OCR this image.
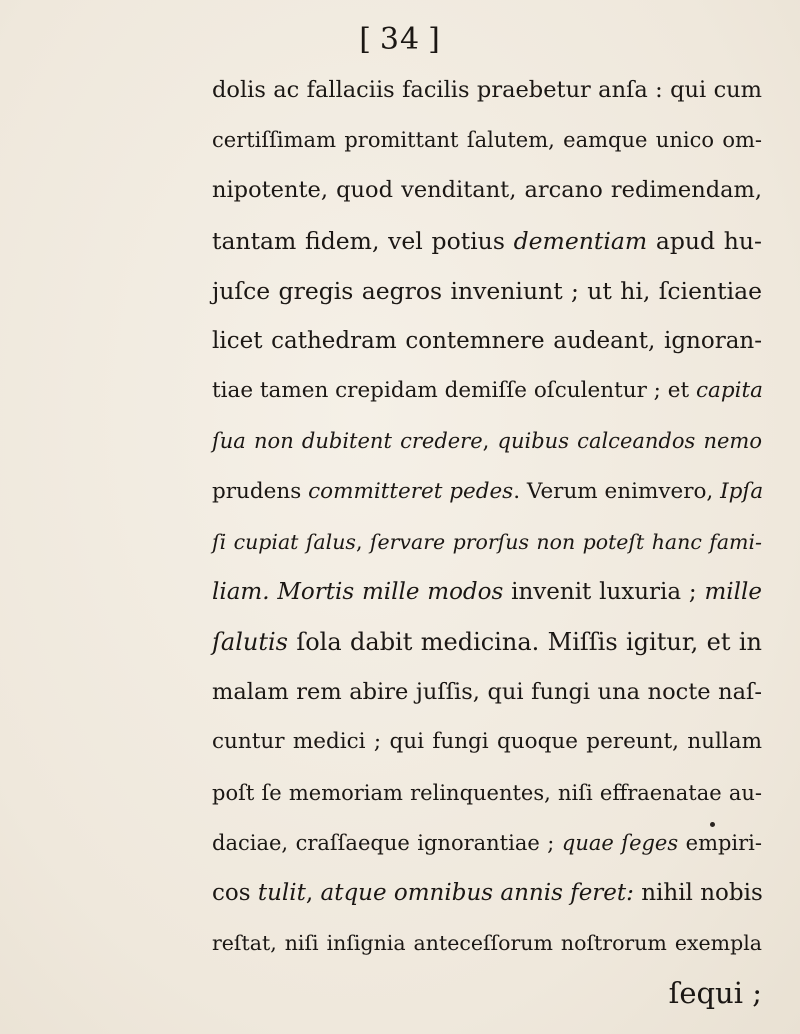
[ 34 ]
dolis ac fallaciis facilis praebetur anſa : qui cum
certiſſimam promittant ſalutem, eamque unico om-
nipotente, quod venditant, arcano redimendam,
tantam fidem, vel potius dementiam apud hu-
juſce gregis aegros inveniunt ; ut hi, ſcientiae
licet cathedram contemnere audeant, ignoran-
tiae tamen crepidam demiſſe oſculentur ; et capita
ſua non dubitent credere, quibus calceandos nemo
prudens committeret pedes. Verum enimvero, Ipſa
ſi cupiat ſalus, ſervare prorſus non poteſt hanc fami-
liam. Mortis mille modos invenit luxuria ; mille
ſalutis ſola dabit medicina. Miſſis igitur, et in
malam rem abire juſſis, qui fungi una nocte naſ-
cuntur medici ; qui fungi quoque pereunt, nullam
poſt ſe memoriam relinquentes, niſi effraenatae au-
daciae, craſſaeque ignorantiae ; quae ſeges empiri-
cos tulit, atque omnibus annis feret: nihil nobis
reſtat, niſi inſignia anteceſſorum noſtrorum exempla
ſequi ;
